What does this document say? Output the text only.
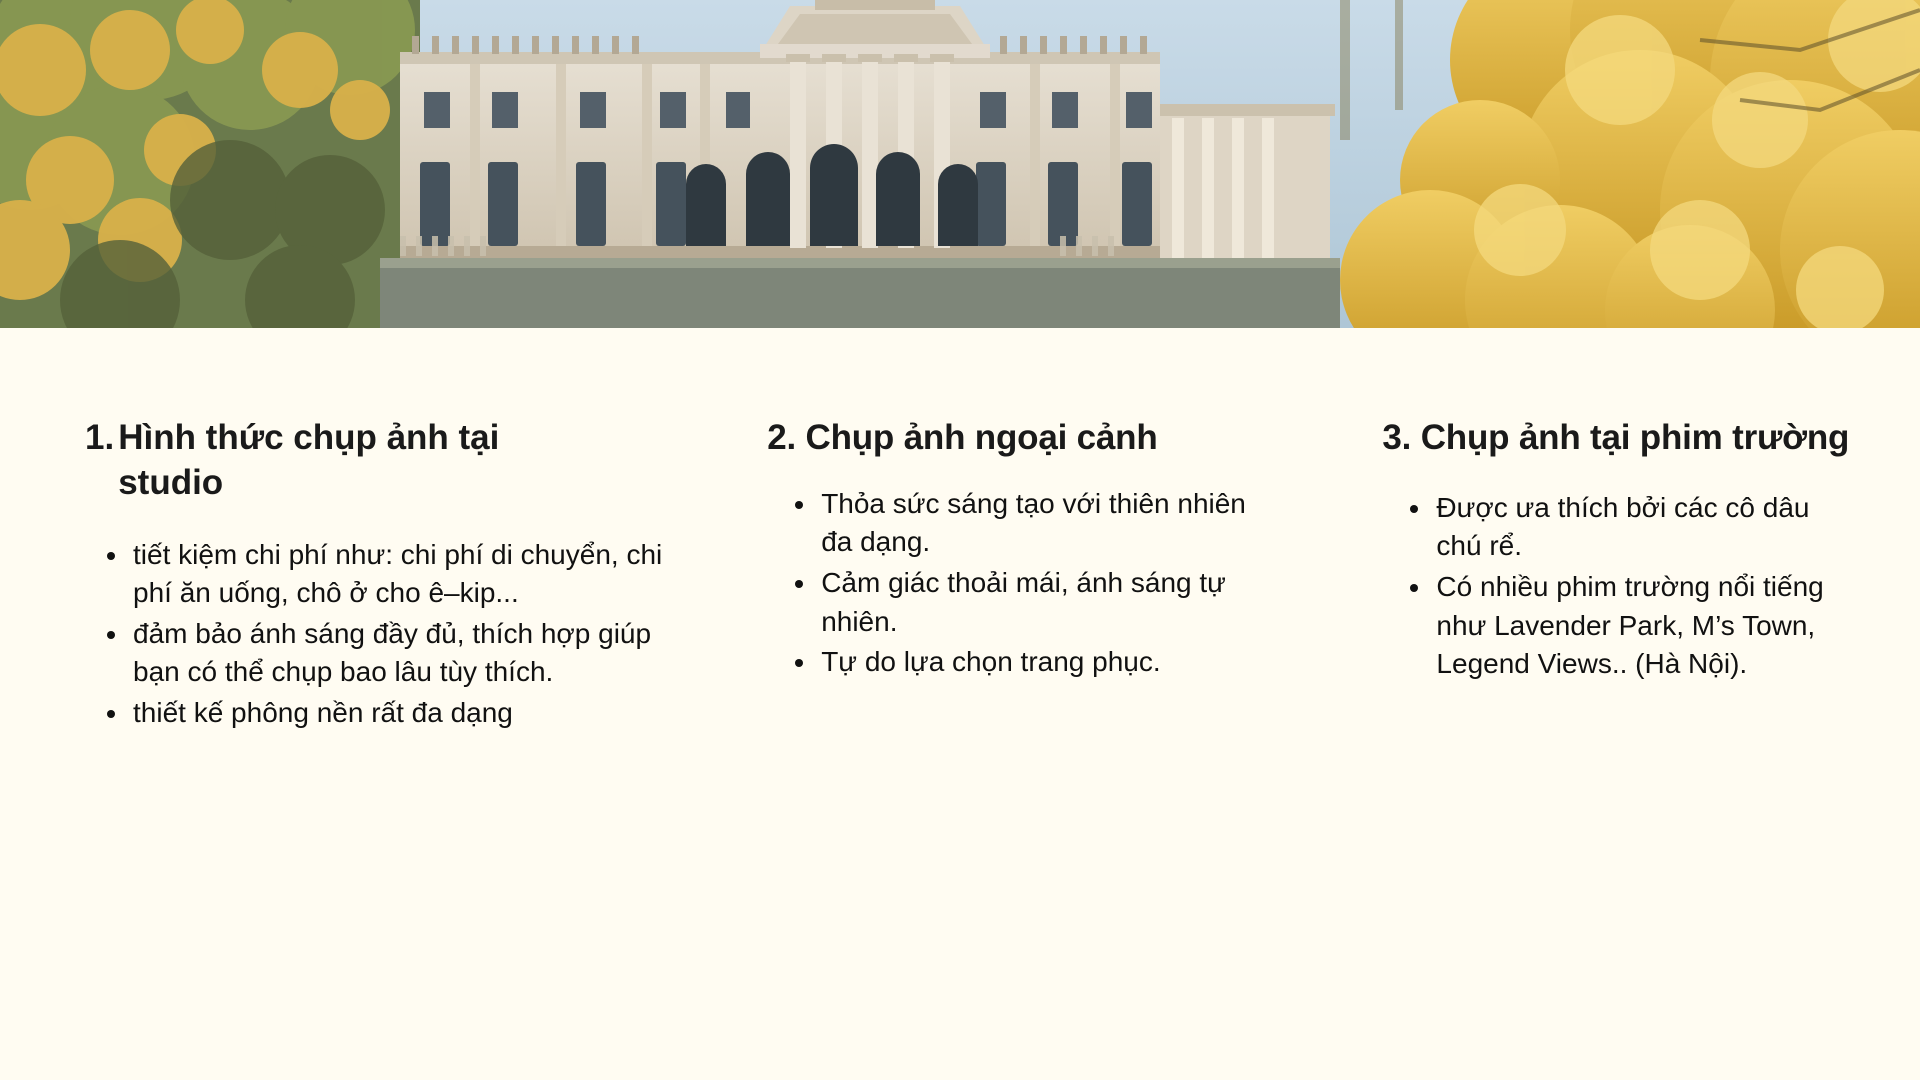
1. Hình thức chụp ảnh tại studio
tiết kiệm chi phí như: chi phí di chuyển, chi phí ăn uống, chô ở cho ê–kip...
đảm bảo ánh sáng đầy đủ, thích hợp giúp bạn có thể chụp bao lâu tùy thích.
thiết kế phông nền rất đa dạng
2. Chụp ảnh ngoại cảnh
Thỏa sức sáng tạo với thiên nhiên đa dạng.
Cảm giác thoải mái, ánh sáng tự nhiên.
Tự do lựa chọn trang phục.
3. Chụp ảnh tại phim trường
Được ưa thích bởi các cô dâu chú rể.
Có nhiều phim trường nổi tiếng như Lavender Park, M’s Town, Legend Views.. (Hà Nội).
